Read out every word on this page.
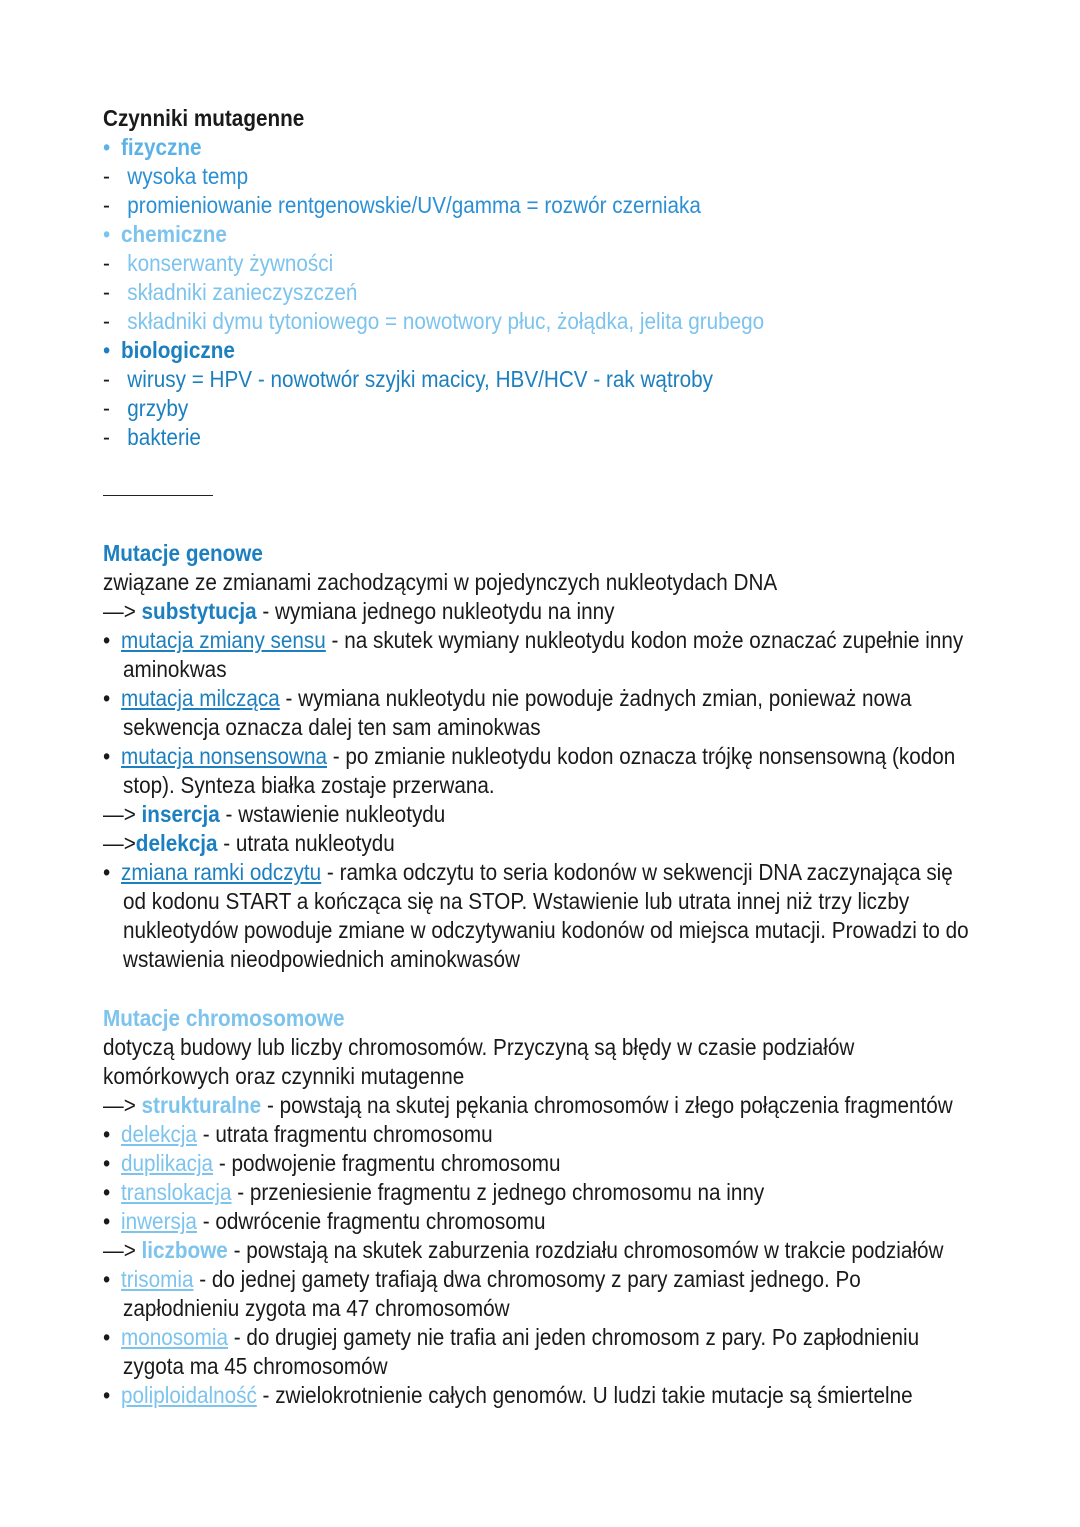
Czynniki mutagenne
• fizyczne
- wysoka temp
- promieniowanie rentgenowskie/UV/gamma = rozwór czerniaka
• chemiczne
- konserwanty żywności
- składniki zanieczyszczeń
- składniki dymu tytoniowego = nowotwory płuc, żołądka, jelita grubego
• biologiczne
- wirusy = HPV - nowotwór szyjki macicy, HBV/HCV - rak wątroby
- grzyby
- bakterie
Mutacje genowe
związane ze zmianami zachodzącymi w pojedynczych nukleotydach DNA
—> substytucja - wymiana jednego nukleotydu na inny
• mutacja zmiany sensu - na skutek wymiany nukleotydu kodon może oznaczać zupełnie inny
aminokwas
• mutacja milcząca - wymiana nukleotydu nie powoduje żadnych zmian, ponieważ nowa
sekwencja oznacza dalej ten sam aminokwas
• mutacja nonsensowna - po zmianie nukleotydu kodon oznacza trójkę nonsensowną (kodon
stop). Synteza białka zostaje przerwana.
—> insercja - wstawienie nukleotydu
—>delekcja - utrata nukleotydu
• zmiana ramki odczytu - ramka odczytu to seria kodonów w sekwencji DNA zaczynająca się
od kodonu START a kończąca się na STOP. Wstawienie lub utrata innej niż trzy liczby
nukleotydów powoduje zmiane w odczytywaniu kodonów od miejsca mutacji. Prowadzi to do
wstawienia nieodpowiednich aminokwasów
Mutacje chromosomowe
dotyczą budowy lub liczby chromosomów. Przyczyną są błędy w czasie podziałów
komórkowych oraz czynniki mutagenne
—> strukturalne - powstają na skutej pękania chromosomów i złego połączenia fragmentów
• delekcja - utrata fragmentu chromosomu
• duplikacja - podwojenie fragmentu chromosomu
• translokacja - przeniesienie fragmentu z jednego chromosomu na inny
• inwersja - odwrócenie fragmentu chromosomu
—> liczbowe - powstają na skutek zaburzenia rozdziału chromosomów w trakcie podziałów
• trisomia - do jednej gamety trafiają dwa chromosomy z pary zamiast jednego. Po
zapłodnieniu zygota ma 47 chromosomów
• monosomia - do drugiej gamety nie trafia ani jeden chromosom z pary. Po zapłodnieniu
zygota ma 45 chromosomów
• poliploidalność - zwielokrotnienie całych genomów. U ludzi takie mutacje są śmiertelne
